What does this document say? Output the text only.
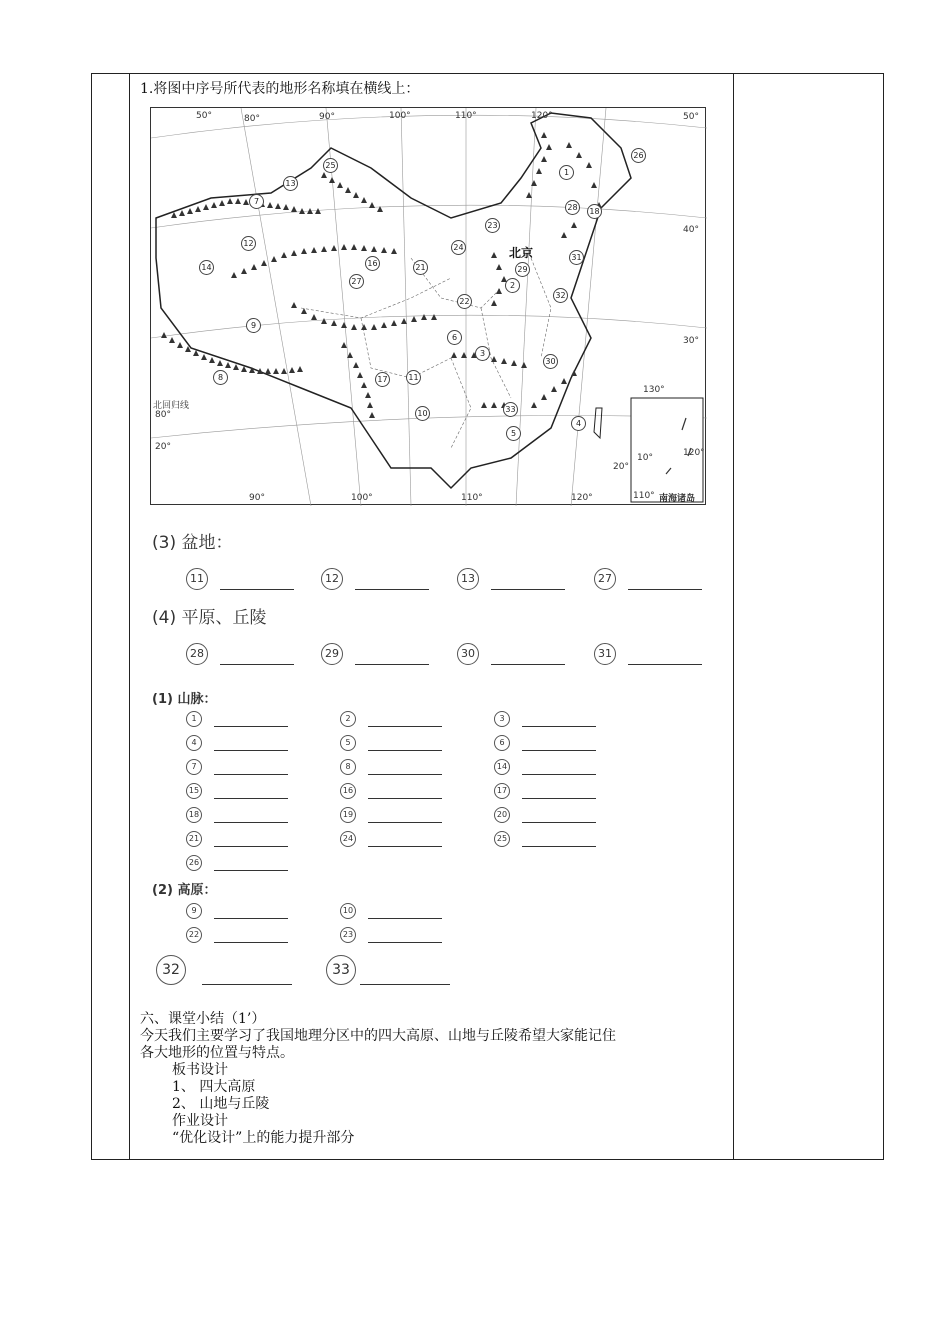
1.将图中序号所代表的地形名称填在横线上：
50°	80°	90°	100°	110°	120°	50°
40°
30°
130°
80°
20°
90°	100°	110°	120°
20°
10°	120°
110° 南海诸岛
北回归线
北京
1
2
3
4
5
6
7
8
9
10
11
12
13
14	16
17
18
21
22
23
24
25
26
27
28
29
30
31
32
33
(3) 盆地：
11	12	13	27
(4) 平原、丘陵
28	29	30	31
(1) 山脉：
1	2	3
4	5	6
7	8	14
15	16	17
18	19	20
21	24	25
26
(2) 高原：
9	10
22	23
32	33
六、课堂小结（1’）
今天我们主要学习了我国地理分区中的四大高原、山地与丘陵希望大家能记住
各大地形的位置与特点。
板书设计
1、 四大高原
2、 山地与丘陵
作业设计
“优化设计”上的能力提升部分
